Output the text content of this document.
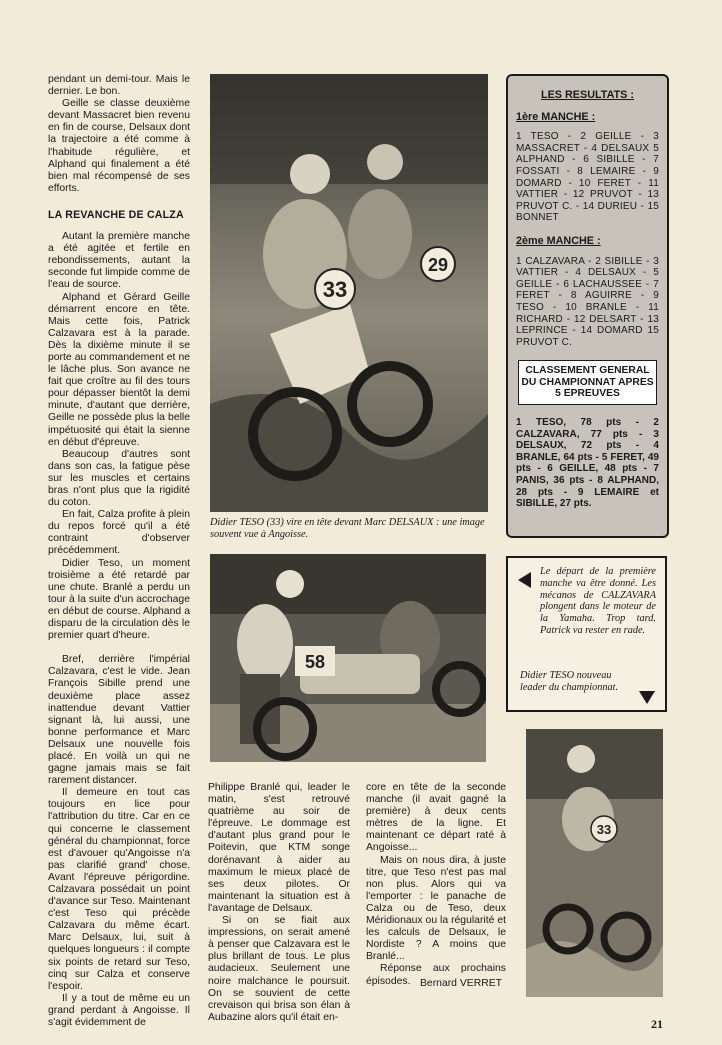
pendant un demi-tour. Mais le dernier. Le bon.

Geille se classe deuxième devant Massacret bien revenu en fin de course, Delsaux dont la trajectoire a été comme à l'habitude régulière, et Alphand qui finalement a été bien mal récompensé de ses efforts.

LA REVANCHE DE CALZA

Autant la première manche a été agitée et fertile en rebondissements, autant la seconde fut limpide comme de l'eau de source.

Alphand et Gérard Geille démarrent encore en tête. Mais cette fois, Patrick Calzavara est à la parade. Dès la dixième minute il se porte au commandement et ne le lâche plus. Son avance ne fait que croître au fil des tours pour dépasser bientôt la demi minute, d'autant que derrière, Geille ne possède plus la belle impétuosité qui était la sienne en début d'épreuve.

Beaucoup d'autres sont dans son cas, la fatigue pèse sur les muscles et certains bras n'ont plus que la rigidité du coton.

En fait, Calza profite à plein du repos forcé qu'il a été contraint d'observer précédemment.

Didier Teso, un moment troisième a été retardé par une chute. Branlé a perdu un tour à la suite d'un accrochage en début de course. Alphand a disparu de la circulation dès le premier quart d'heure.

Bref, derrière l'impérial Calzavara, c'est le vide. Jean François Sibille prend une deuxième place assez inattendue devant Vattier signant là, lui aussi, une bonne performance et Marc Delsaux une nouvelle fois placé. En voilà un qui ne gagne jamais mais se fait rarement distancer.

Il demeure en tout cas toujours en lice pour l'attribution du titre. Car en ce qui concerne le classement général du championnat, force est d'avouer qu'Angoisse n'a pas clarifié grand' chose. Avant l'épreuve périgordine. Calzavara possédait un point d'avance sur Teso. Maintenant c'est Teso qui précède Calzavara du même écart. Marc Delsaux, lui, suit à quelques longueurs : il compte six points de retard sur Teso, cinq sur Calza et conserve l'espoir.

Il y a tout de même eu un grand perdant à Angoisse. Il s'agit évidemment de

33
29
Didier TESO (33) vire en tête devant Marc DELSAUX : une image souvent vue à Angoisse.
58
LES RESULTATS :
1ère MANCHE :
1 TESO - 2 GEILLE - 3 MASSACRET - 4 DELSAUX 5 ALPHAND - 6 SIBILLE - 7 FOSSATI - 8 LEMAIRE - 9 DOMARD - 10 FERET - 11 VATTIER - 12 PRUVOT - 13 PRUVOT C. - 14 DURIEU - 15 BONNET
2ème MANCHE :
1 CALZAVARA - 2 SIBILLE - 3 VATTIER - 4 DELSAUX - 5 GEILLE - 6 LACHAUSSEE - 7 FERET - 8 AGUIRRE - 9 TESO - 10 BRANLE - 11 RICHARD - 12 DELSART - 13 LEPRINCE - 14 DOMARD 15 PRUVOT C.
CLASSEMENT GENERAL DU CHAMPIONNAT APRES 5 EPREUVES
1 TESO, 78 pts - 2 CALZAVARA, 77 pts - 3 DELSAUX, 72 pts - 4 BRANLE, 64 pts - 5 FERET, 49 pts - 6 GEILLE, 48 pts - 7 PANIS, 36 pts - 8 ALPHAND, 28 pts - 9 LEMAIRE et SIBILLE, 27 pts.
Le départ de la première manche va être donné. Les mécanos de CALZAVARA plongent dans le moteur de la Yamaha. Trop tard. Patrick va rester en rade.
Didier TESO nouveau leader du championnat.
33

Philippe Branlé qui, leader le matin, s'est retrouvé quatrième au soir de l'épreuve. Le dommage est d'autant plus grand pour le Poitevin, que KTM songe dorénavant à aider au maximum le mieux placé de ses deux pilotes. Or maintenant la situation est à l'avantage de Delsaux.

Si on se fiait aux impressions, on serait amené à penser que Calzavara est le plus brillant de tous. Le plus audacieux. Seulement une noire malchance le poursuit. On se souvient de cette crevaison qui brisa son élan à Aubazine alors qu'il était en-

core en tête de la seconde manche (il avait gagné la première) à deux cents mètres de la ligne. Et maintenant ce départ raté à Angoisse...

Mais on nous dira, à juste titre, que Teso n'est pas mal non plus. Alors qui va l'emporter : le panache de Calza ou de Teso, deux Méridionaux ou la régularité et les calculs de Delsaux, le Nordiste ? A moins que Branlé...

Réponse aux prochains épisodes. Bernard VERRET
21
